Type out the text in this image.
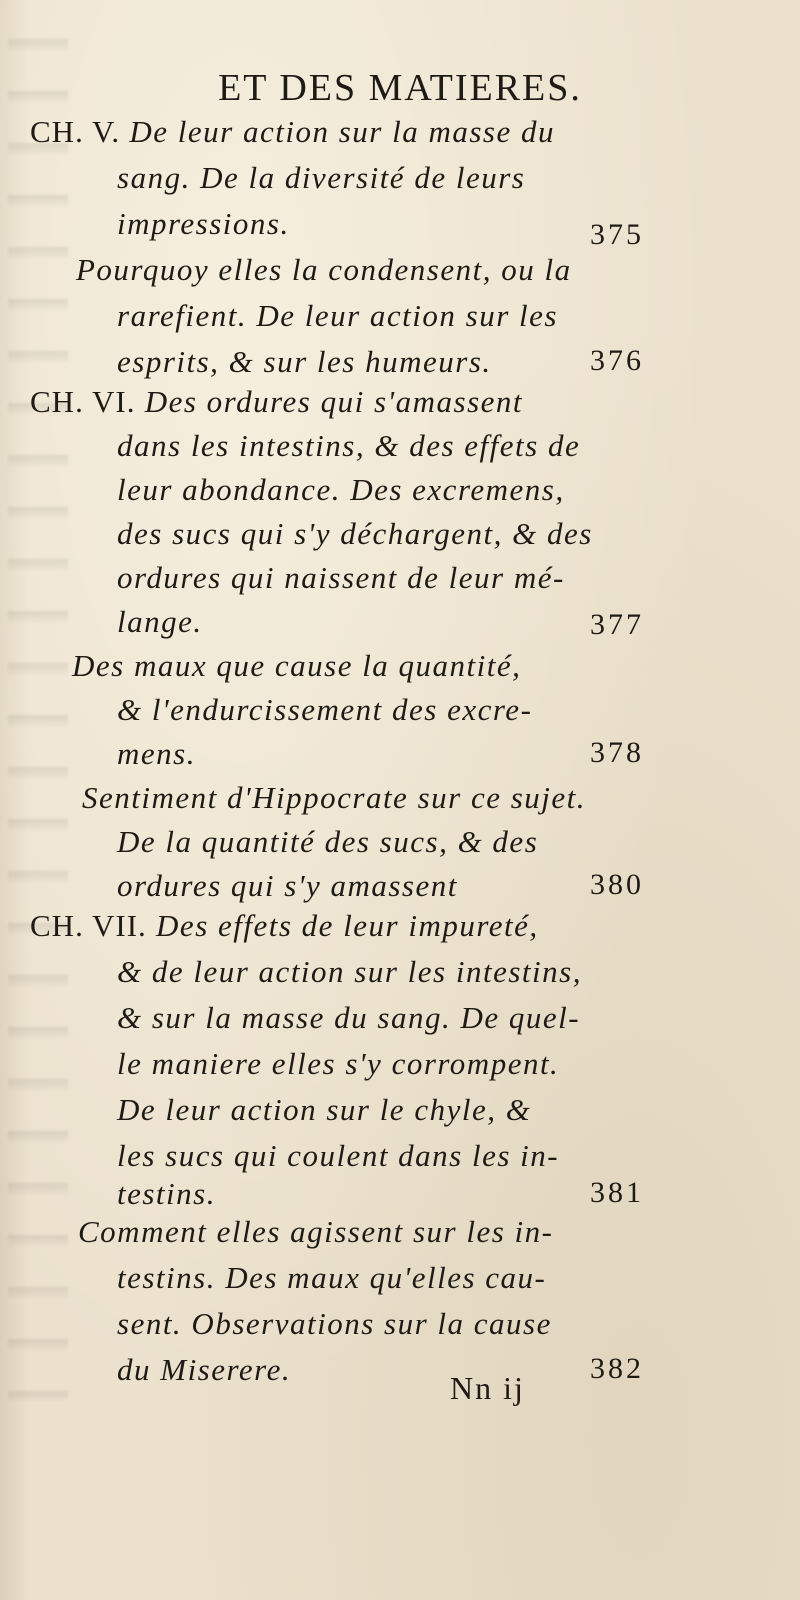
ET DES MATIERES.
CH. V. De leur action sur la masse du
sang. De la diversité de leurs
impressions.	375
Pourquoy elles la condensent, ou la
rarefient. De leur action sur les
esprits, & sur les humeurs.	376
CH. VI. Des ordures qui s'amassent
dans les intestins, & des effets de
leur abondance. Des excremens,
des sucs qui s'y déchargent, & des
ordures qui naissent de leur mé-
lange.	377
Des maux que cause la quantité,
& l'endurcissement des excre-
mens.	378
Sentiment d'Hippocrate sur ce sujet.
De la quantité des sucs, & des
ordures qui s'y amassent	380
CH. VII. Des effets de leur impureté,
& de leur action sur les intestins,
& sur la masse du sang. De quel-
le maniere elles s'y corrompent.
De leur action sur le chyle, &
les sucs qui coulent dans les in-
testins.	381
Comment elles agissent sur les in-
testins. Des maux qu'elles cau-
sent. Observations sur la cause
du Miserere.	382
Nn ij
